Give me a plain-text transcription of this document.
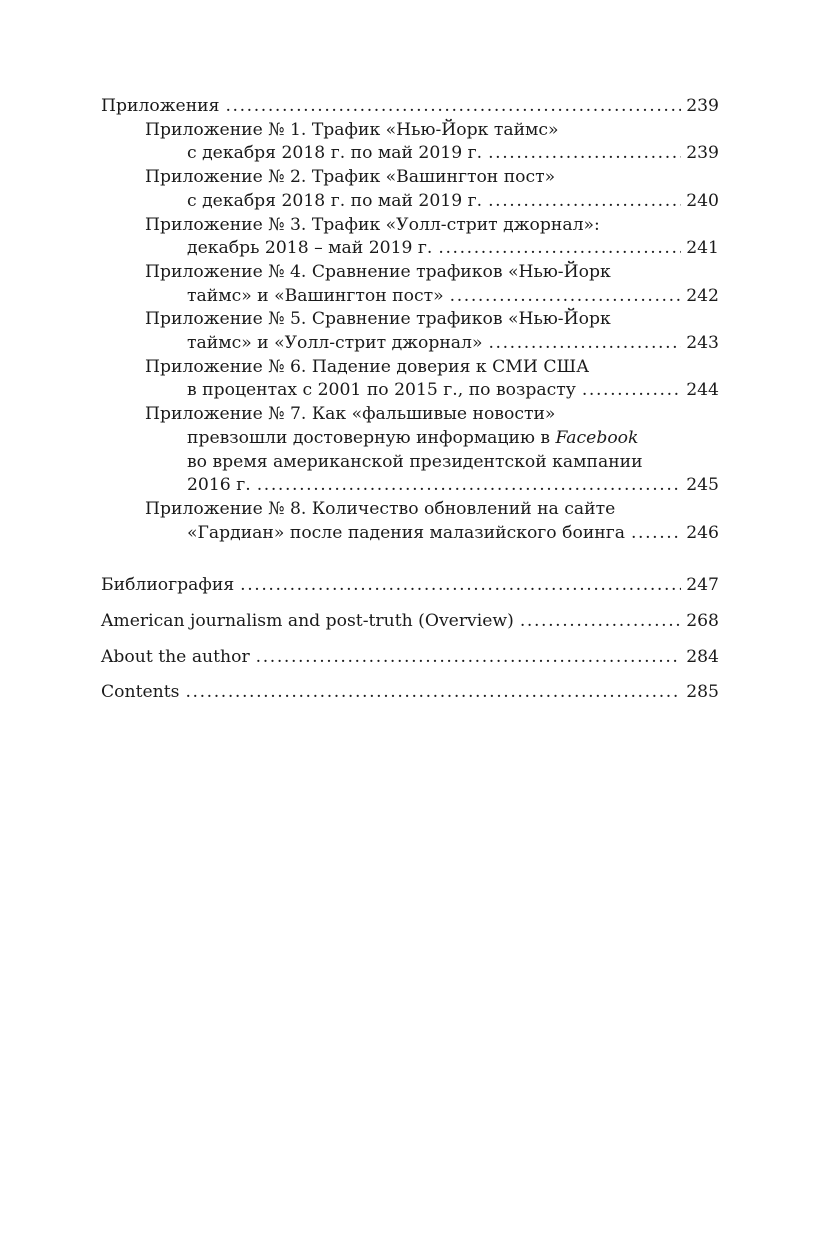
Приложения .....	239
Приложение № 1. Трафик «Нью-Йорк таймс»
с декабря 2018 г. по май 2019 г. .....	239
Приложение № 2. Трафик «Вашингтон пост»
с декабря 2018 г. по май 2019 г. .....	240
Приложение № 3. Трафик «Уолл-стрит джорнал»:
декабрь 2018 – май 2019 г. .....	241
Приложение № 4. Сравнение трафиков «Нью-Йорк
таймс» и «Вашингтон пост» .....	242
Приложение № 5. Сравнение трафиков «Нью-Йорк
таймс» и «Уолл-стрит джорнал» .....	243
Приложение № 6. Падение доверия к СМИ США
в процентах с 2001 по 2015 г., по возрасту .....	244
Приложение № 7. Как «фальшивые новости»
превзошли достоверную информацию в Facebook
во время американской президентской кампании
2016 г. .....	245
Приложение № 8. Количество обновлений на сайте
«Гардиан» после падения малазийского боинга .....	246
Библиография .....	247
American journalism and post-truth (Overview) .....	268
About the author .....	284
Contents .....	285
